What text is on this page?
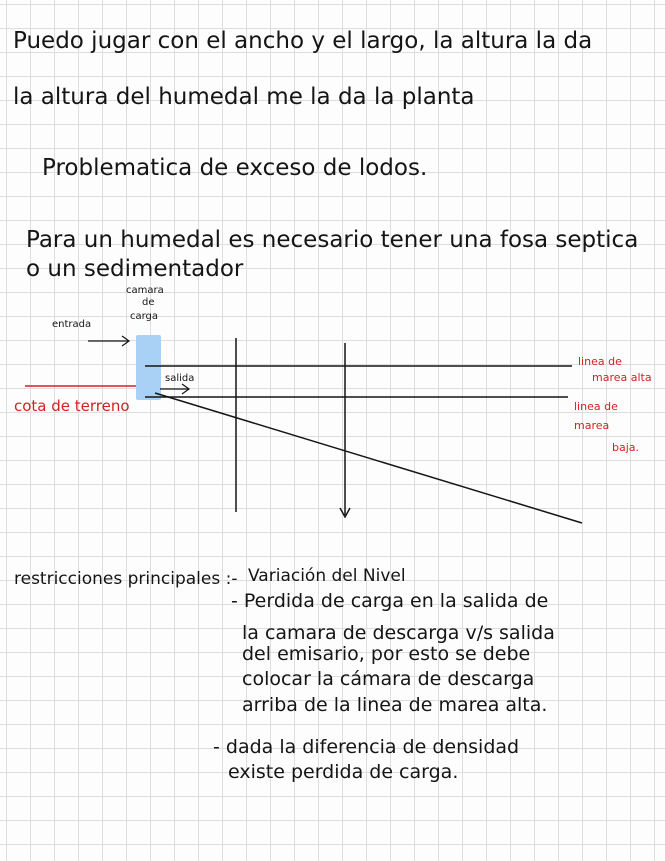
Puedo jugar con el ancho y el largo, la altura la da

la altura del humedal me la da la planta

Problematica de exceso de lodos.

Para un humedal es necesario tener una fosa septica

o un sedimentador

camara

de

carga

entrada

salida

cota de terreno

linea de

marea alta

linea de

marea

baja.

restricciones principales :- Variación del Nivel

- Perdida de carga en la salida de

la camara de descarga v/s salida

del emisario, por esto se debe

colocar la cámara de descarga

arriba de la linea de marea alta.

- dada la diferencia de densidad

existe perdida de carga.
